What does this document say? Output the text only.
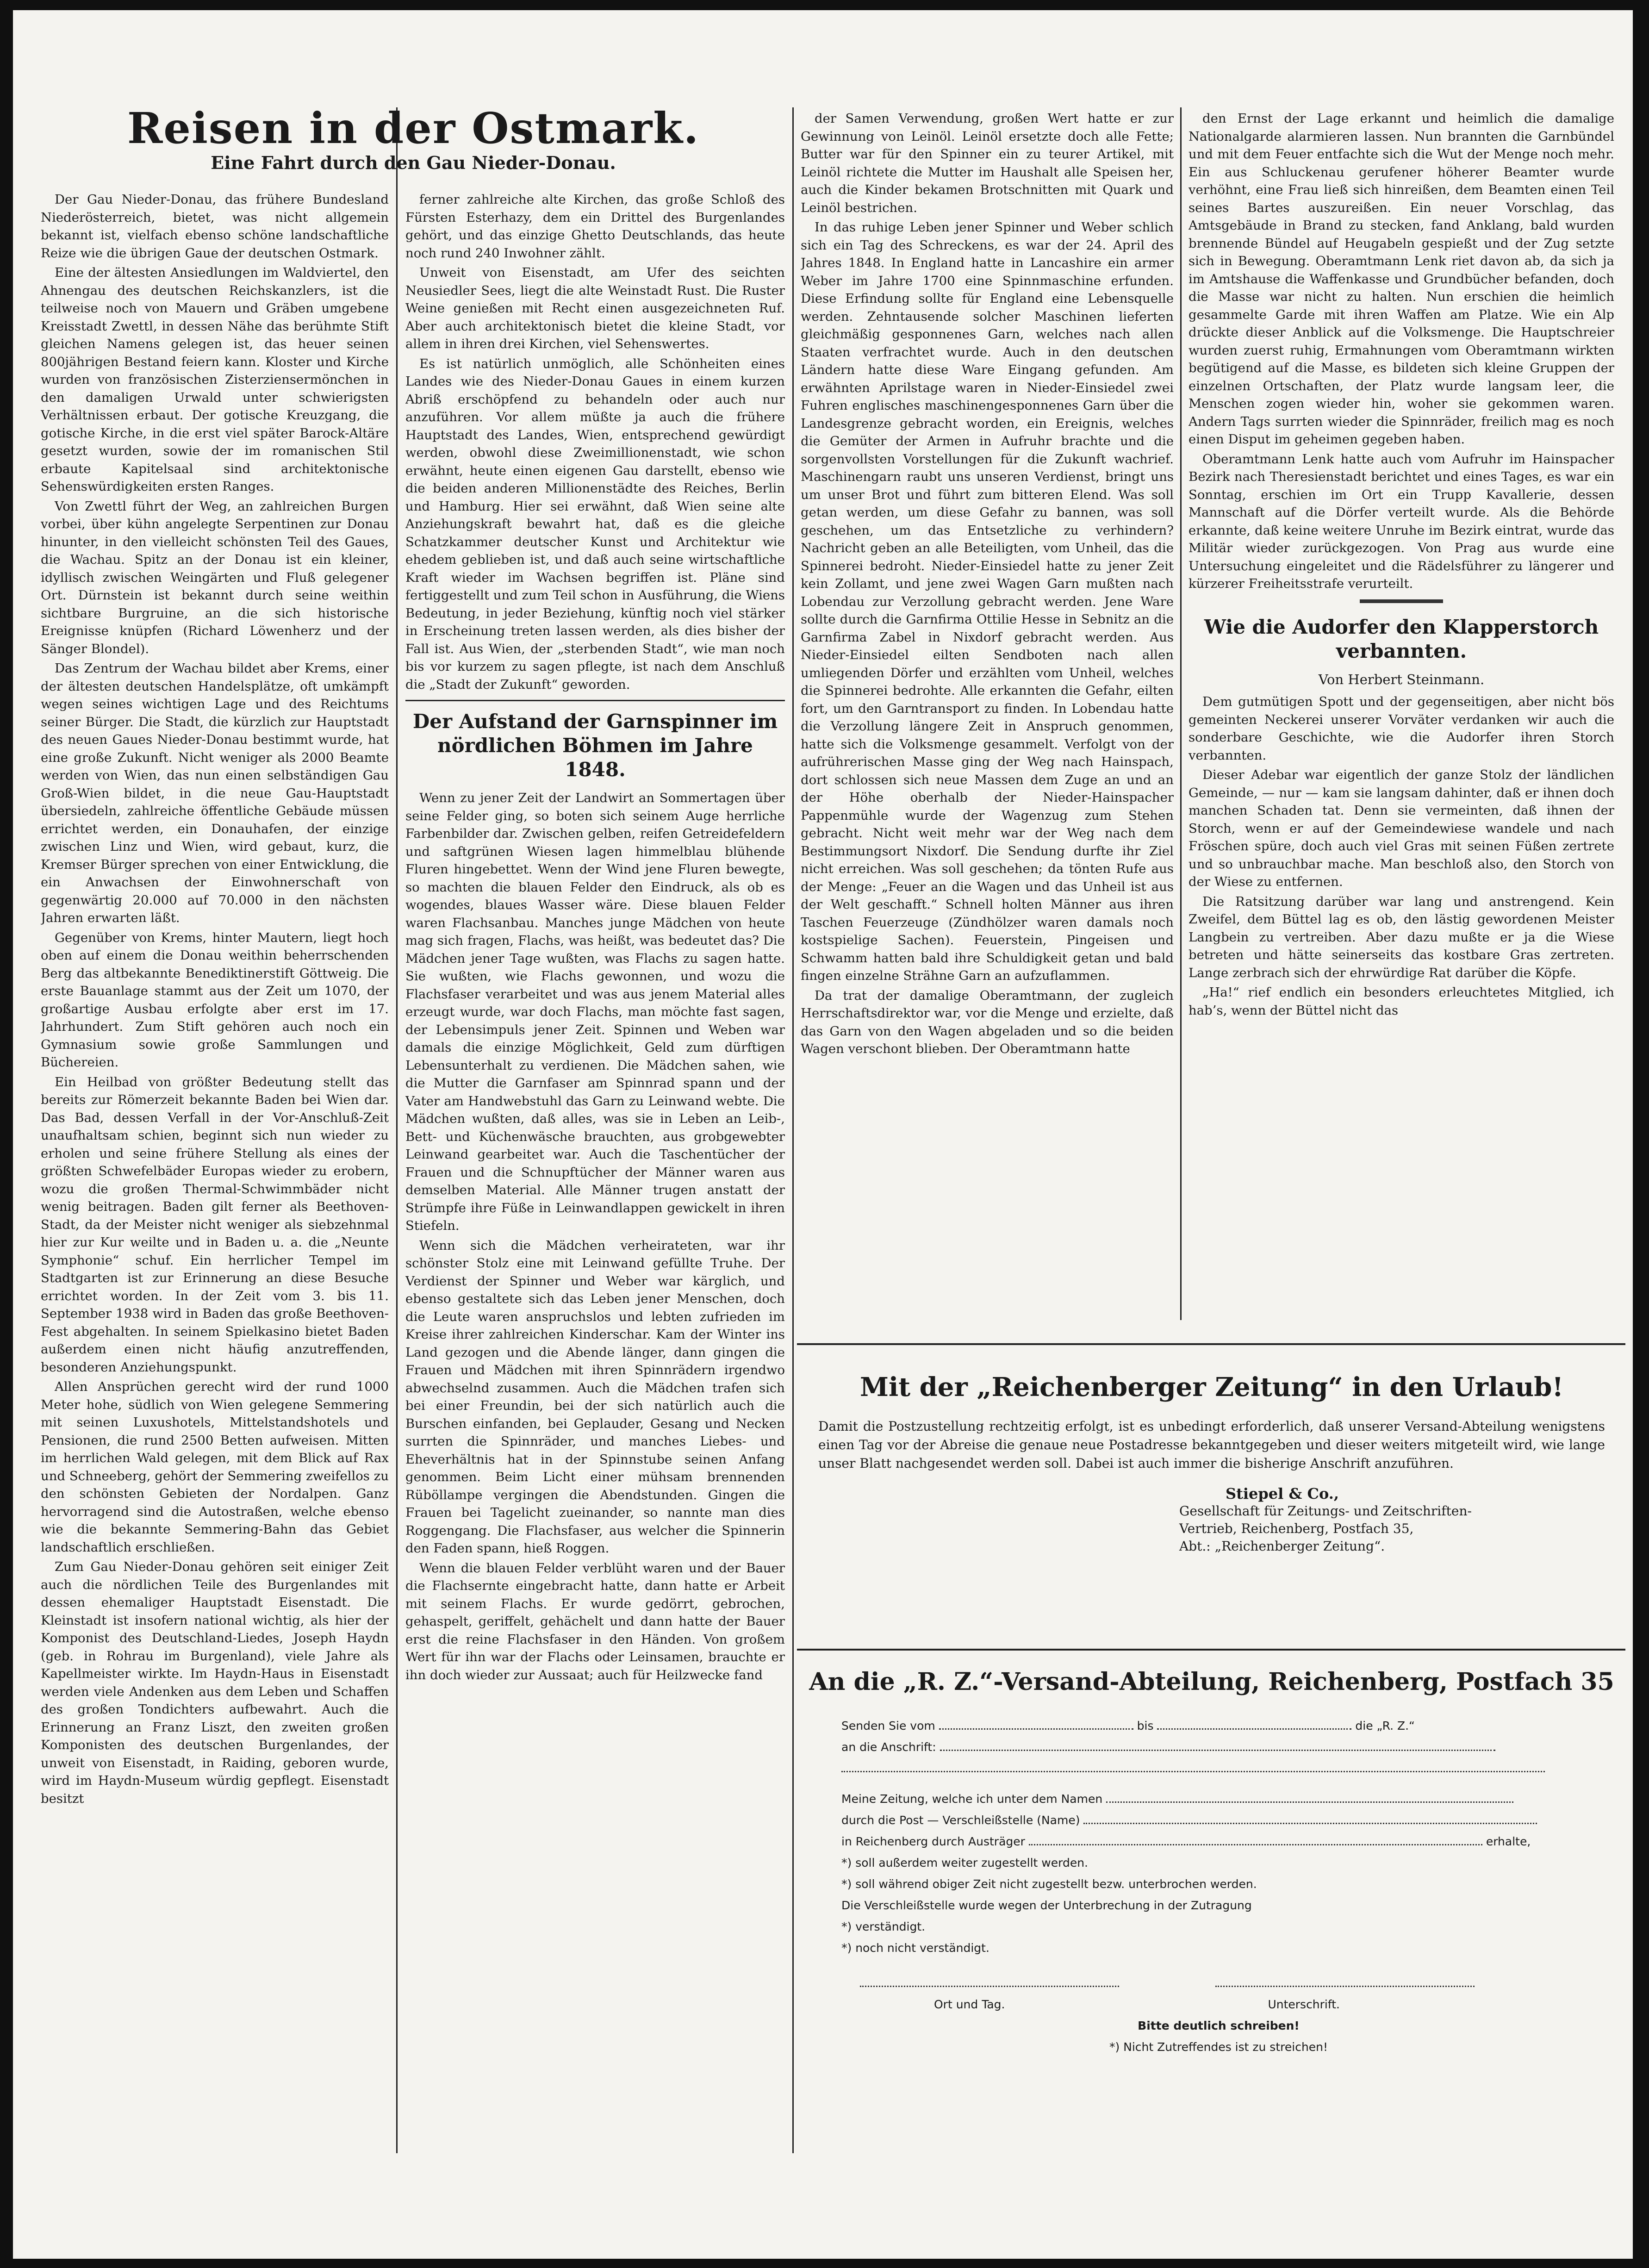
Reisen in der Ostmark.
Eine Fahrt durch den Gau Nieder-Donau.

Der Gau Nieder-Donau, das frühere Bundesland Niederösterreich, bietet, was nicht allgemein bekannt ist, vielfach ebenso schöne landschaftliche Reize wie die übrigen Gaue der deutschen Ostmark.

Eine der ältesten Ansiedlungen im Waldviertel, den Ahnengau des deutschen Reichskanzlers, ist die teilweise noch von Mauern und Gräben umgebene Kreisstadt Zwettl, in dessen Nähe das berühmte Stift gleichen Namens gelegen ist, das heuer seinen 800jährigen Bestand feiern kann. Kloster und Kirche wurden von französischen Zisterziensermönchen in den damaligen Urwald unter schwierigsten Verhältnissen erbaut. Der gotische Kreuzgang, die gotische Kirche, in die erst viel später Barock-Altäre gesetzt wurden, sowie der im romanischen Stil erbaute Kapitelsaal sind architektonische Sehenswürdigkeiten ersten Ranges.

Von Zwettl führt der Weg, an zahlreichen Burgen vorbei, über kühn angelegte Serpentinen zur Donau hinunter, in den vielleicht schönsten Teil des Gaues, die Wachau. Spitz an der Donau ist ein kleiner, idyllisch zwischen Weingärten und Fluß gelegener Ort. Dürnstein ist bekannt durch seine weithin sichtbare Burgruine, an die sich historische Ereignisse knüpfen (Richard Löwenherz und der Sänger Blondel).

Das Zentrum der Wachau bildet aber Krems, einer der ältesten deutschen Handelsplätze, oft umkämpft wegen seines wichtigen Lage und des Reichtums seiner Bürger. Die Stadt, die kürzlich zur Hauptstadt des neuen Gaues Nieder-Donau bestimmt wurde, hat eine große Zukunft. Nicht weniger als 2000 Beamte werden von Wien, das nun einen selbständigen Gau Groß-Wien bildet, in die neue Gau-Hauptstadt übersiedeln, zahlreiche öffentliche Gebäude müssen errichtet werden, ein Donauhafen, der einzige zwischen Linz und Wien, wird gebaut, kurz, die Kremser Bürger sprechen von einer Entwicklung, die ein Anwachsen der Einwohnerschaft von gegenwärtig 20.000 auf 70.000 in den nächsten Jahren erwarten läßt.

Gegenüber von Krems, hinter Mautern, liegt hoch oben auf einem die Donau weithin beherrschenden Berg das altbekannte Benediktinerstift Göttweig. Die erste Bauanlage stammt aus der Zeit um 1070, der großartige Ausbau erfolgte aber erst im 17. Jahrhundert. Zum Stift gehören auch noch ein Gymnasium sowie große Sammlungen und Büchereien.

Ein Heilbad von größter Bedeutung stellt das bereits zur Römerzeit bekannte Baden bei Wien dar. Das Bad, dessen Verfall in der Vor-Anschluß-Zeit unaufhaltsam schien, beginnt sich nun wieder zu erholen und seine frühere Stellung als eines der größten Schwefelbäder Europas wieder zu erobern, wozu die großen Thermal-Schwimmbäder nicht wenig beitragen. Baden gilt ferner als Beethoven-Stadt, da der Meister nicht weniger als siebzehnmal hier zur Kur weilte und in Baden u. a. die „Neunte Symphonie“ schuf. Ein herrlicher Tempel im Stadtgarten ist zur Erinnerung an diese Besuche errichtet worden. In der Zeit vom 3. bis 11. September 1938 wird in Baden das große Beethoven-Fest abgehalten. In seinem Spielkasino bietet Baden außerdem einen nicht häufig anzutreffenden, besonderen Anziehungspunkt.

Allen Ansprüchen gerecht wird der rund 1000 Meter hohe, südlich von Wien gelegene Semmering mit seinen Luxushotels, Mittelstandshotels und Pensionen, die rund 2500 Betten aufweisen. Mitten im herrlichen Wald gelegen, mit dem Blick auf Rax und Schneeberg, gehört der Semmering zweifellos zu den schönsten Gebieten der Nordalpen. Ganz hervorragend sind die Autostraßen, welche ebenso wie die bekannte Semmering-Bahn das Gebiet landschaftlich erschließen.

Zum Gau Nieder-Donau gehören seit einiger Zeit auch die nördlichen Teile des Burgenlandes mit dessen ehemaliger Hauptstadt Eisenstadt. Die Kleinstadt ist insofern national wichtig, als hier der Komponist des Deutschland-Liedes, Joseph Haydn (geb. in Rohrau im Burgenland), viele Jahre als Kapellmeister wirkte. Im Haydn-Haus in Eisenstadt werden viele Andenken aus dem Leben und Schaffen des großen Tondichters aufbewahrt. Auch die Erinnerung an Franz Liszt, den zweiten großen Komponisten des deutschen Burgenlandes, der unweit von Eisenstadt, in Raiding, geboren wurde, wird im Haydn-Museum würdig gepflegt. Eisenstadt besitzt

ferner zahlreiche alte Kirchen, das große Schloß des Fürsten Esterhazy, dem ein Drittel des Burgenlandes gehört, und das einzige Ghetto Deutschlands, das heute noch rund 240 Inwohner zählt.

Unweit von Eisenstadt, am Ufer des seichten Neusiedler Sees, liegt die alte Weinstadt Rust. Die Ruster Weine genießen mit Recht einen ausgezeichneten Ruf. Aber auch architektonisch bietet die kleine Stadt, vor allem in ihren drei Kirchen, viel Sehenswertes.

Es ist natürlich unmöglich, alle Schönheiten eines Landes wie des Nieder-Donau Gaues in einem kurzen Abriß erschöpfend zu behandeln oder auch nur anzuführen. Vor allem müßte ja auch die frühere Hauptstadt des Landes, Wien, entsprechend gewürdigt werden, obwohl diese Zweimillionenstadt, wie schon erwähnt, heute einen eigenen Gau darstellt, ebenso wie die beiden anderen Millionenstädte des Reiches, Berlin und Hamburg. Hier sei erwähnt, daß Wien seine alte Anziehungskraft bewahrt hat, daß es die gleiche Schatzkammer deutscher Kunst und Architektur wie ehedem geblieben ist, und daß auch seine wirtschaftliche Kraft wieder im Wachsen begriffen ist. Pläne sind fertiggestellt und zum Teil schon in Ausführung, die Wiens Bedeutung, in jeder Beziehung, künftig noch viel stärker in Erscheinung treten lassen werden, als dies bisher der Fall ist. Aus Wien, der „sterbenden Stadt“, wie man noch bis vor kurzem zu sagen pflegte, ist nach dem Anschluß die „Stadt der Zukunft“ geworden.

Der Aufstand der Garnspinner im nördlichen Böhmen im Jahre 1848.

Wenn zu jener Zeit der Landwirt an Sommertagen über seine Felder ging, so boten sich seinem Auge herrliche Farbenbilder dar. Zwischen gelben, reifen Getreidefeldern und saftgrünen Wiesen lagen himmelblau blühende Fluren hingebettet. Wenn der Wind jene Fluren bewegte, so machten die blauen Felder den Eindruck, als ob es wogendes, blaues Wasser wäre. Diese blauen Felder waren Flachsanbau. Manches junge Mädchen von heute mag sich fragen, Flachs, was heißt, was bedeutet das? Die Mädchen jener Tage wußten, was Flachs zu sagen hatte. Sie wußten, wie Flachs gewonnen, und wozu die Flachsfaser verarbeitet und was aus jenem Material alles erzeugt wurde, war doch Flachs, man möchte fast sagen, der Lebensimpuls jener Zeit. Spinnen und Weben war damals die einzige Möglichkeit, Geld zum dürftigen Lebensunterhalt zu verdienen. Die Mädchen sahen, wie die Mutter die Garnfaser am Spinnrad spann und der Vater am Handwebstuhl das Garn zu Leinwand webte. Die Mädchen wußten, daß alles, was sie in Leben an Leib-, Bett- und Küchenwäsche brauchten, aus grobgewebter Leinwand gearbeitet war. Auch die Taschentücher der Frauen und die Schnupftücher der Männer waren aus demselben Material. Alle Männer trugen anstatt der Strümpfe ihre Füße in Leinwandlappen gewickelt in ihren Stiefeln.

Wenn sich die Mädchen verheirateten, war ihr schönster Stolz eine mit Leinwand gefüllte Truhe. Der Verdienst der Spinner und Weber war kärglich, und ebenso gestaltete sich das Leben jener Menschen, doch die Leute waren anspruchslos und lebten zufrieden im Kreise ihrer zahlreichen Kinderschar. Kam der Winter ins Land gezogen und die Abende länger, dann gingen die Frauen und Mädchen mit ihren Spinnrädern irgendwo abwechselnd zusammen. Auch die Mädchen trafen sich bei einer Freundin, bei der sich natürlich auch die Burschen einfanden, bei Geplauder, Gesang und Necken surrten die Spinnräder, und manches Liebes- und Eheverhältnis hat in der Spinnstube seinen Anfang genommen. Beim Licht einer mühsam brennenden Rüböllampe vergingen die Abendstunden. Gingen die Frauen bei Tagelicht zueinander, so nannte man dies Roggengang. Die Flachsfaser, aus welcher die Spinnerin den Faden spann, hieß Roggen.

Wenn die blauen Felder verblüht waren und der Bauer die Flachsernte eingebracht hatte, dann hatte er Arbeit mit seinem Flachs. Er wurde gedörrt, gebrochen, gehaspelt, geriffelt, gehächelt und dann hatte der Bauer erst die reine Flachsfaser in den Händen. Von großem Wert für ihn war der Flachs oder Leinsamen, brauchte er ihn doch wieder zur Aussaat; auch für Heilzwecke fand

der Samen Verwendung, großen Wert hatte er zur Gewinnung von Leinöl. Leinöl ersetzte doch alle Fette; Butter war für den Spinner ein zu teurer Artikel, mit Leinöl richtete die Mutter im Haushalt alle Speisen her, auch die Kinder bekamen Brotschnitten mit Quark und Leinöl bestrichen.

In das ruhige Leben jener Spinner und Weber schlich sich ein Tag des Schreckens, es war der 24. April des Jahres 1848. In England hatte in Lancashire ein armer Weber im Jahre 1700 eine Spinnmaschine erfunden. Diese Erfindung sollte für England eine Lebensquelle werden. Zehntausende solcher Maschinen lieferten gleichmäßig gesponnenes Garn, welches nach allen Staaten verfrachtet wurde. Auch in den deutschen Ländern hatte diese Ware Eingang gefunden. Am erwähnten Aprilstage waren in Nieder-Einsiedel zwei Fuhren englisches maschinengesponnenes Garn über die Landesgrenze gebracht worden, ein Ereignis, welches die Gemüter der Armen in Aufruhr brachte und die sorgenvollsten Vorstellungen für die Zukunft wachrief. Maschinengarn raubt uns unseren Verdienst, bringt uns um unser Brot und führt zum bitteren Elend. Was soll getan werden, um diese Gefahr zu bannen, was soll geschehen, um das Entsetzliche zu verhindern? Nachricht geben an alle Beteiligten, vom Unheil, das die Spinnerei bedroht. Nieder-Einsiedel hatte zu jener Zeit kein Zollamt, und jene zwei Wagen Garn mußten nach Lobendau zur Verzollung gebracht werden. Jene Ware sollte durch die Garnfirma Ottilie Hesse in Sebnitz an die Garnfirma Zabel in Nixdorf gebracht werden. Aus Nieder-Einsiedel eilten Sendboten nach allen umliegenden Dörfer und erzählten vom Unheil, welches die Spinnerei bedrohte. Alle erkannten die Gefahr, eilten fort, um den Garntransport zu finden. In Lobendau hatte die Verzollung längere Zeit in Anspruch genommen, hatte sich die Volksmenge gesammelt. Verfolgt von der aufrührerischen Masse ging der Weg nach Hainspach, dort schlossen sich neue Massen dem Zuge an und an der Höhe oberhalb der Nieder-Hainspacher Pappenmühle wurde der Wagenzug zum Stehen gebracht. Nicht weit mehr war der Weg nach dem Bestimmungsort Nixdorf. Die Sendung durfte ihr Ziel nicht erreichen. Was soll geschehen; da tönten Rufe aus der Menge: „Feuer an die Wagen und das Unheil ist aus der Welt geschafft.“ Schnell holten Männer aus ihren Taschen Feuerzeuge (Zündhölzer waren damals noch kostspielige Sachen). Feuerstein, Pingeisen und Schwamm hatten bald ihre Schuldigkeit getan und bald fingen einzelne Strähne Garn an aufzuflammen.

Da trat der damalige Oberamtmann, der zugleich Herrschaftsdirektor war, vor die Menge und erzielte, daß das Garn von den Wagen abgeladen und so die beiden Wagen verschont blieben. Der Oberamtmann hatte

den Ernst der Lage erkannt und heimlich die damalige Nationalgarde alarmieren lassen. Nun brannten die Garnbündel und mit dem Feuer entfachte sich die Wut der Menge noch mehr. Ein aus Schluckenau gerufener höherer Beamter wurde verhöhnt, eine Frau ließ sich hinreißen, dem Beamten einen Teil seines Bartes auszureißen. Ein neuer Vorschlag, das Amtsgebäude in Brand zu stecken, fand Anklang, bald wurden brennende Bündel auf Heugabeln gespießt und der Zug setzte sich in Bewegung. Oberamtmann Lenk riet davon ab, da sich ja im Amtshause die Waffenkasse und Grundbücher befanden, doch die Masse war nicht zu halten. Nun erschien die heimlich gesammelte Garde mit ihren Waffen am Platze. Wie ein Alp drückte dieser Anblick auf die Volksmenge. Die Hauptschreier wurden zuerst ruhig, Ermahnungen vom Oberamtmann wirkten begütigend auf die Masse, es bildeten sich kleine Gruppen der einzelnen Ortschaften, der Platz wurde langsam leer, die Menschen zogen wieder hin, woher sie gekommen waren. Andern Tags surrten wieder die Spinnräder, freilich mag es noch einen Disput im geheimen gegeben haben.

Oberamtmann Lenk hatte auch vom Aufruhr im Hainspacher Bezirk nach Theresienstadt berichtet und eines Tages, es war ein Sonntag, erschien im Ort ein Trupp Kavallerie, dessen Mannschaft auf die Dörfer verteilt wurde. Als die Behörde erkannte, daß keine weitere Unruhe im Bezirk eintrat, wurde das Militär wieder zurückgezogen. Von Prag aus wurde eine Untersuchung eingeleitet und die Rädelsführer zu längerer und kürzerer Freiheitsstrafe verurteilt.

Wie die Audorfer den Klapperstorch verbannten.
Von Herbert Steinmann.

Dem gutmütigen Spott und der gegenseitigen, aber nicht bös gemeinten Neckerei unserer Vorväter verdanken wir auch die sonderbare Geschichte, wie die Audorfer ihren Storch verbannten.

Dieser Adebar war eigentlich der ganze Stolz der ländlichen Gemeinde, — nur — kam sie langsam dahinter, daß er ihnen doch manchen Schaden tat. Denn sie vermeinten, daß ihnen der Storch, wenn er auf der Gemeindewiese wandele und nach Fröschen spüre, doch auch viel Gras mit seinen Füßen zertrete und so unbrauchbar mache. Man beschloß also, den Storch von der Wiese zu entfernen.

Die Ratsitzung darüber war lang und anstrengend. Kein Zweifel, dem Büttel lag es ob, den lästig gewordenen Meister Langbein zu vertreiben. Aber dazu mußte er ja die Wiese betreten und hätte seinerseits das kostbare Gras zertreten. Lange zerbrach sich der ehrwürdige Rat darüber die Köpfe.

„Ha!“ rief endlich ein besonders erleuchtetes Mitglied, ich hab’s, wenn der Büttel nicht das

Mit der „Reichenberger Zeitung“ in den Urlaub!
Damit die Postzustellung rechtzeitig erfolgt, ist es unbedingt erforderlich, daß unserer Versand-Abteilung wenigstens einen Tag vor der Abreise die genaue neue Postadresse bekanntgegeben und dieser weiters mitgeteilt wird, wie lange unser Blatt nachgesendet werden soll. Dabei ist auch immer die bisherige Anschrift anzuführen.
Stiepel & Co.,
Gesellschaft für Zeitungs- und Zeitschriften-Vertrieb, Reichenberg, Postfach 35,
Abt.: „Reichenberger Zeitung“.
An die „R. Z.“-Versand-Abteilung, Reichenberg, Postfach 35
Senden Sie vom	bis	die „R. Z.“
an die Anschrift:
Meine Zeitung, welche ich unter dem Namen
durch die Post — Verschleißstelle (Name)
in Reichenberg durch Austräger	erhalte,
*) soll außerdem weiter zugestellt werden.
*) soll während obiger Zeit nicht zugestellt bezw. unterbrochen werden.
Die Verschleißstelle wurde wegen der Unterbrechung in der Zutragung
*) verständigt.
*) noch nicht verständigt.

Ort und Tag.	Unterschrift.
Bitte deutlich schreiben!
*) Nicht Zutreffendes ist zu streichen!
